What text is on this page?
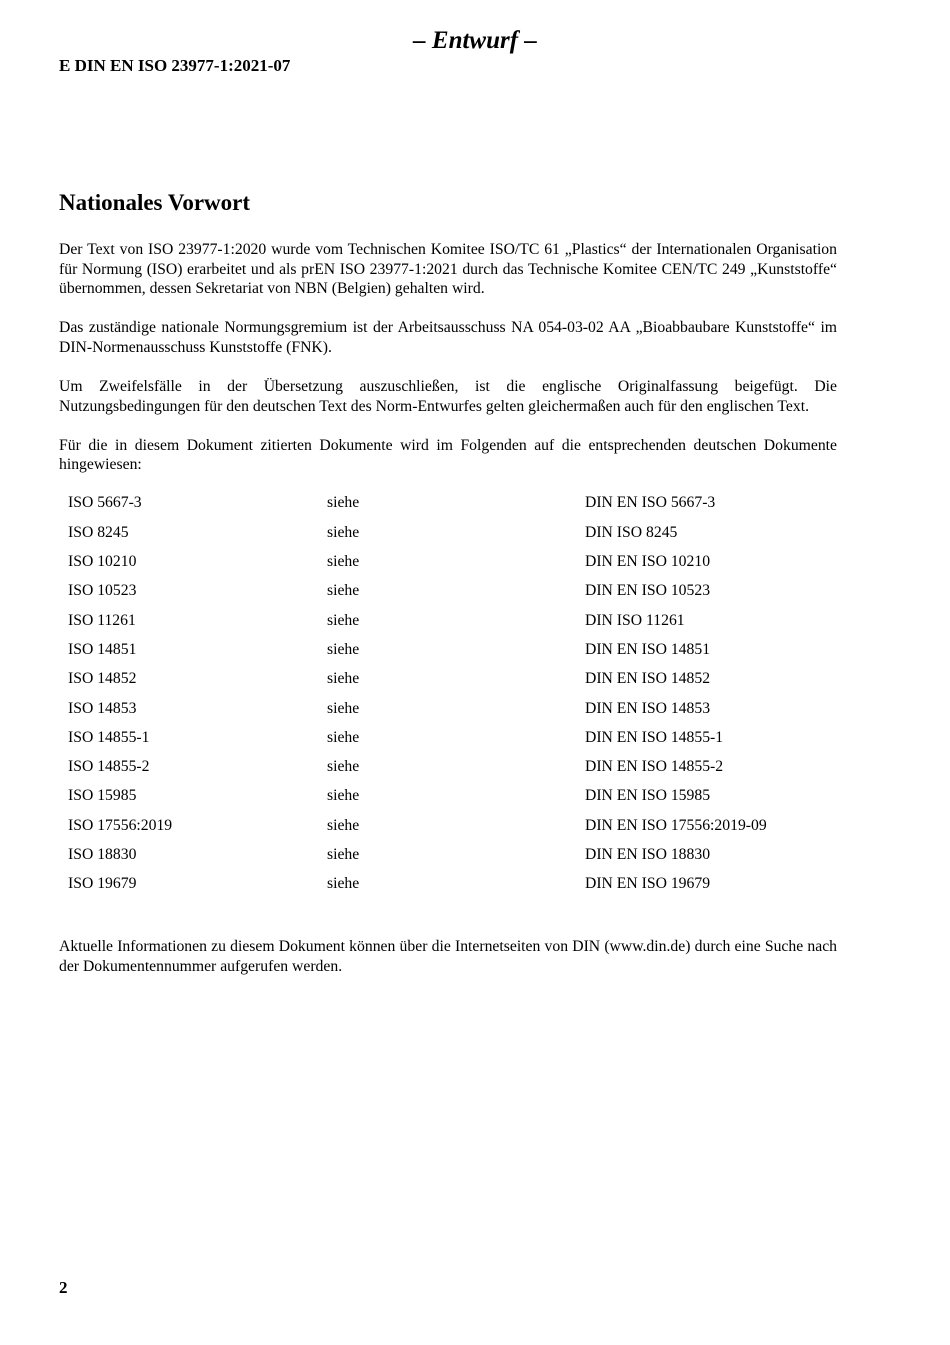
– Entwurf –
E DIN EN ISO 23977-1:2021-07
Nationales Vorwort

Der Text von ISO 23977-1:2020 wurde vom Technischen Komitee ISO/TC 61 „Plastics“ der Internationalen Organisation für Normung (ISO) erarbeitet und als prEN ISO 23977-1:2021 durch das Technische Komitee CEN/TC 249 „Kunststoffe“ übernommen, dessen Sekretariat von NBN (Belgien) gehalten wird.

Das zuständige nationale Normungsgremium ist der Arbeitsausschuss NA 054-03-02 AA „Bioabbaubare Kunststoffe“ im DIN-Normenausschuss Kunststoffe (FNK).

Um Zweifelsfälle in der Übersetzung auszuschließen, ist die englische Originalfassung beigefügt. Die Nutzungsbedingungen für den deutschen Text des Norm-Entwurfes gelten gleichermaßen auch für den englischen Text.

Für die in diesem Dokument zitierten Dokumente wird im Folgenden auf die entsprechenden deutschen Dokumente hingewiesen:

ISO 5667-3	siehe	DIN EN ISO 5667-3
ISO 8245	siehe	DIN ISO 8245
ISO 10210	siehe	DIN EN ISO 10210
ISO 10523	siehe	DIN EN ISO 10523
ISO 11261	siehe	DIN ISO 11261
ISO 14851	siehe	DIN EN ISO 14851
ISO 14852	siehe	DIN EN ISO 14852
ISO 14853	siehe	DIN EN ISO 14853
ISO 14855-1	siehe	DIN EN ISO 14855-1
ISO 14855-2	siehe	DIN EN ISO 14855-2
ISO 15985	siehe	DIN EN ISO 15985
ISO 17556:2019	siehe	DIN EN ISO 17556:2019-09
ISO 18830	siehe	DIN EN ISO 18830
ISO 19679	siehe	DIN EN ISO 19679

Aktuelle Informationen zu diesem Dokument können über die Internetseiten von DIN (www.din.de) durch eine Suche nach der Dokumentennummer aufgerufen werden.

2
